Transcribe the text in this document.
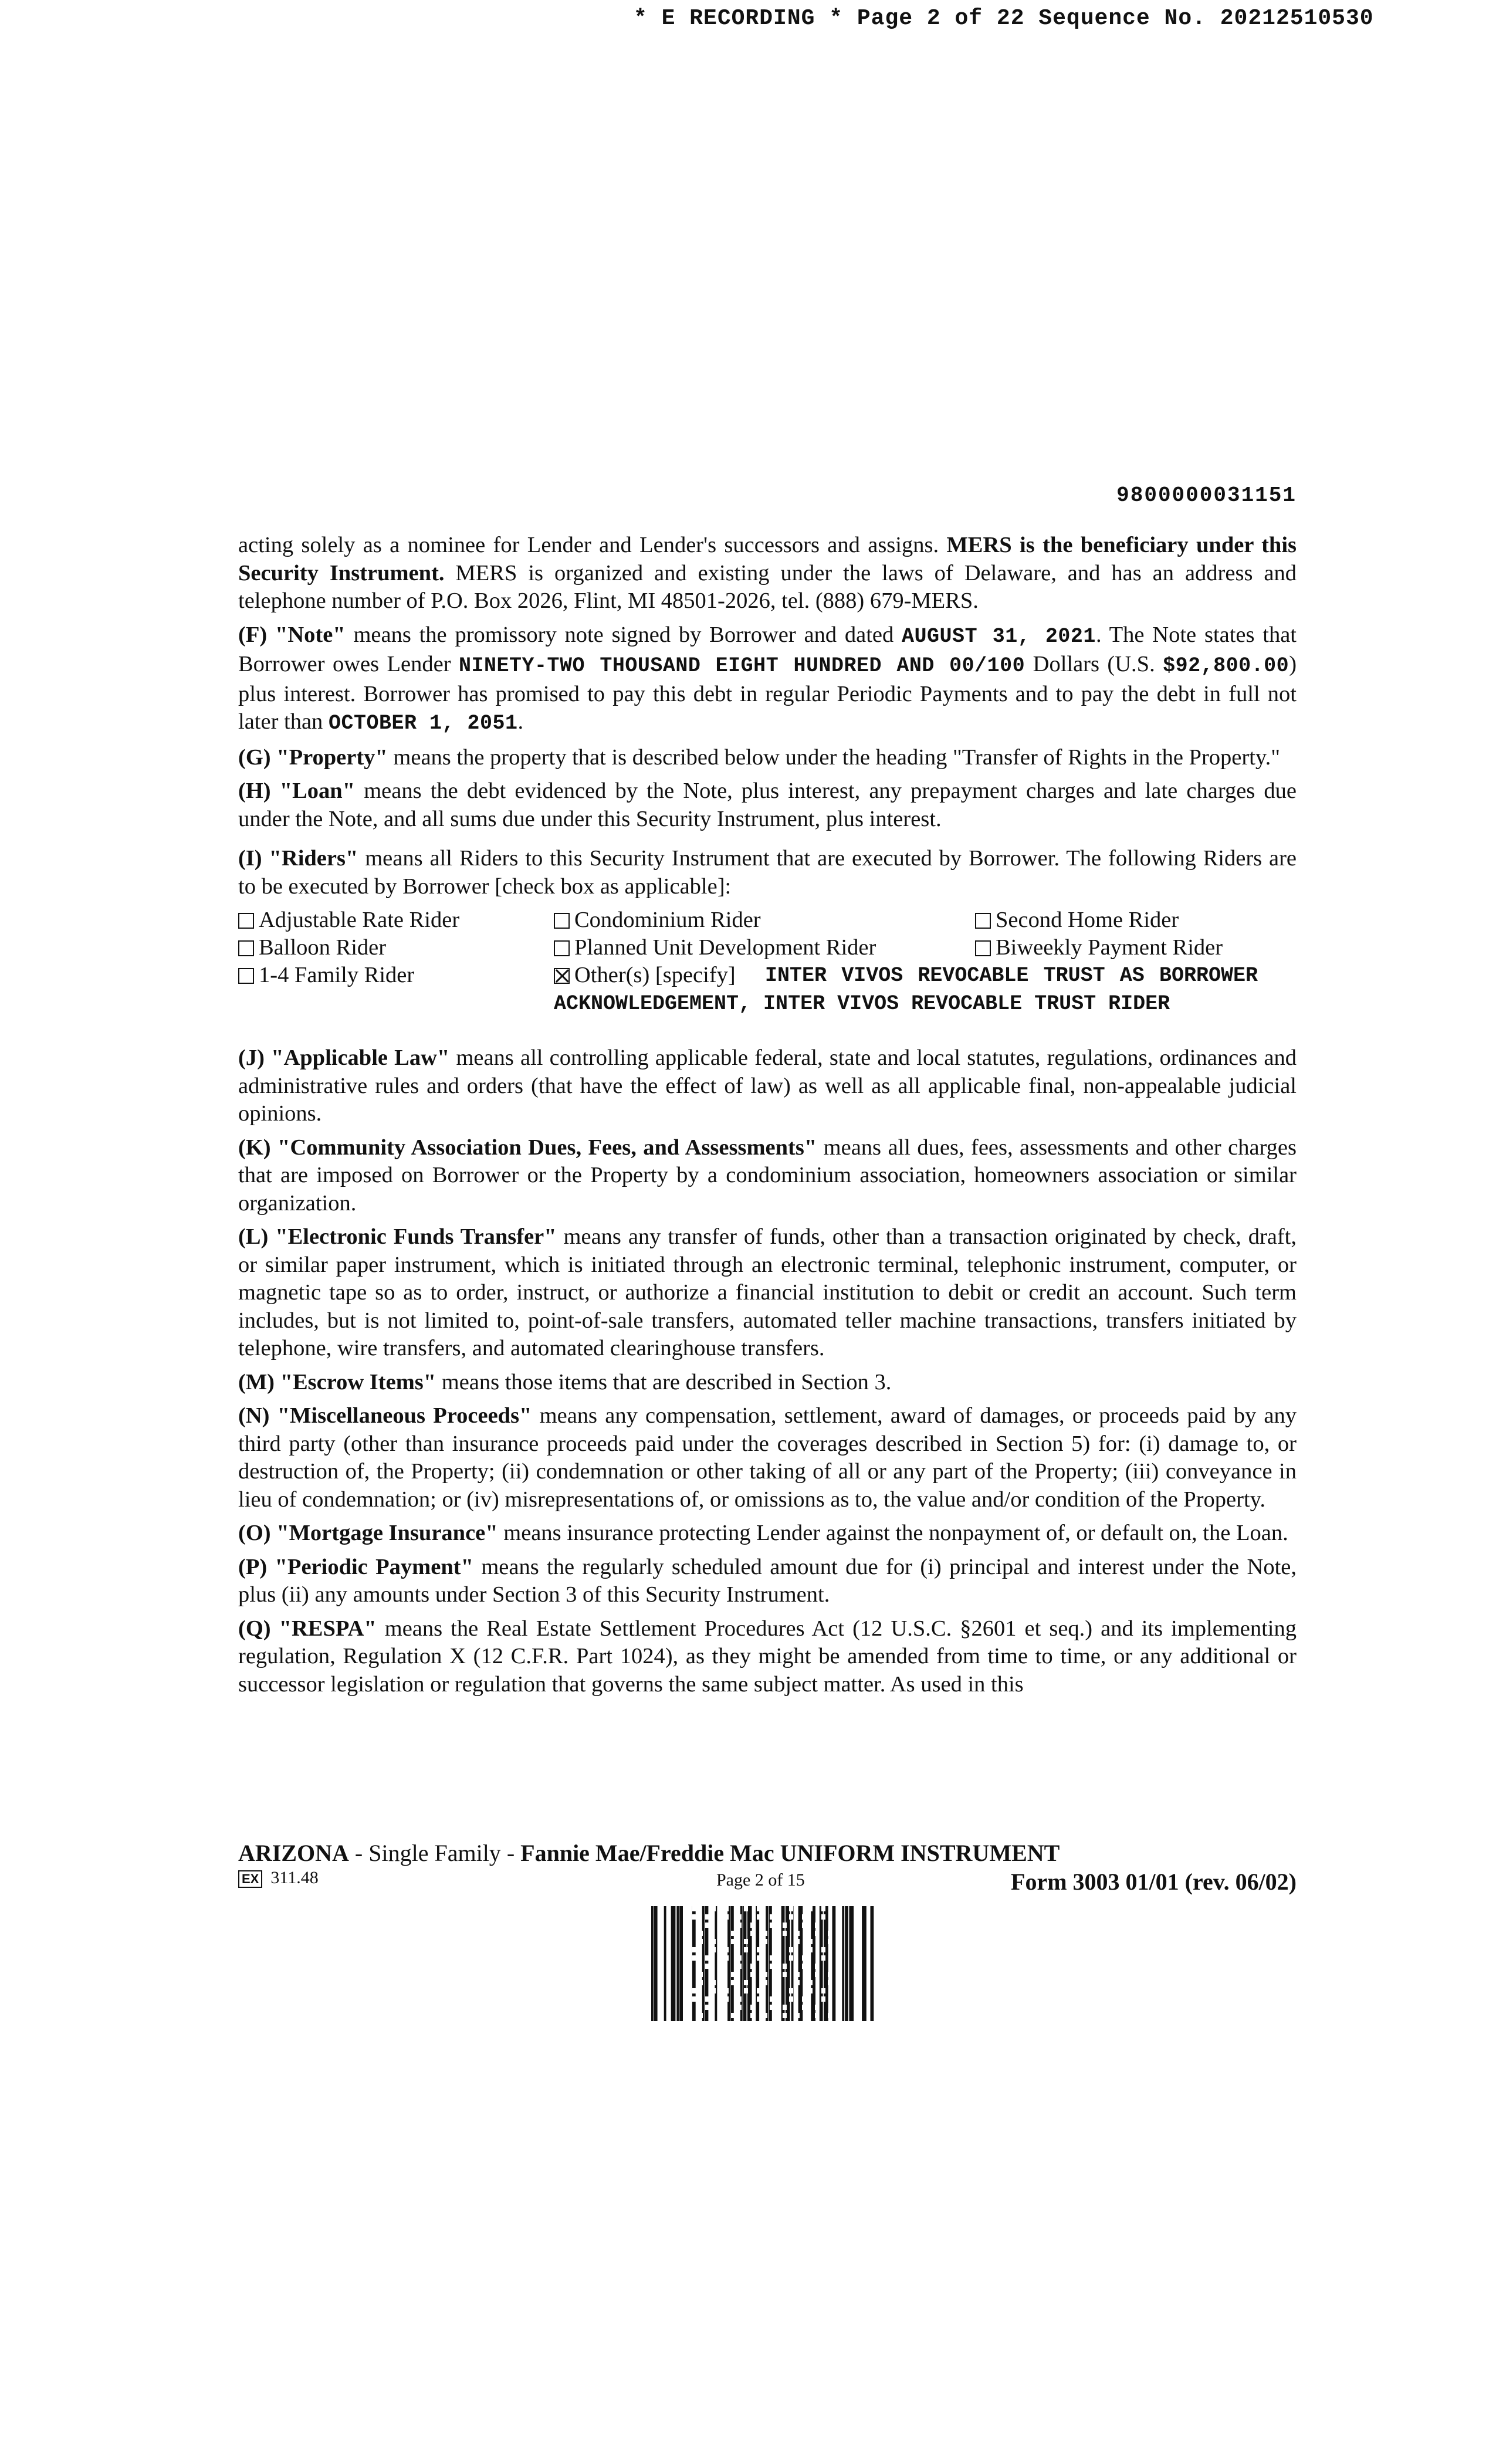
* E RECORDING * Page 2 of 22 Sequence No. 20212510530
9800000031151

acting solely as a nominee for Lender and Lender's successors and assigns. MERS is the beneficiary under this Security Instrument. MERS is organized and existing under the laws of Delaware, and has an address and telephone number of P.O. Box 2026, Flint, MI 48501-2026, tel. (888) 679-MERS.

(F) "Note" means the promissory note signed by Borrower and dated AUGUST 31, 2021. The Note states that Borrower owes Lender NINETY-TWO THOUSAND EIGHT HUNDRED AND 00/100 Dollars (U.S. $92,800.00) plus interest. Borrower has promised to pay this debt in regular Periodic Payments and to pay the debt in full not later than OCTOBER 1, 2051.

(G) "Property" means the property that is described below under the heading "Transfer of Rights in the Property."

(H) "Loan" means the debt evidenced by the Note, plus interest, any prepayment charges and late charges due under the Note, and all sums due under this Security Instrument, plus interest.

(I) "Riders" means all Riders to this Security Instrument that are executed by Borrower. The following Riders are to be executed by Borrower [check box as applicable]:

Adjustable Rate Rider	Condominium Rider	Second Home Rider
Balloon Rider	Planned Unit Development Rider	Biweekly Payment Rider
1-4 Family Rider	Other(s) [specify]	INTER VIVOS REVOCABLE TRUST AS BORROWER ACKNOWLEDGEMENT, INTER VIVOS REVOCABLE TRUST RIDER

(J) "Applicable Law" means all controlling applicable federal, state and local statutes, regulations, ordinances and administrative rules and orders (that have the effect of law) as well as all applicable final, non-appealable judicial opinions.

(K) "Community Association Dues, Fees, and Assessments" means all dues, fees, assessments and other charges that are imposed on Borrower or the Property by a condominium association, homeowners association or similar organization.

(L) "Electronic Funds Transfer" means any transfer of funds, other than a transaction originated by check, draft, or similar paper instrument, which is initiated through an electronic terminal, telephonic instrument, computer, or magnetic tape so as to order, instruct, or authorize a financial institution to debit or credit an account. Such term includes, but is not limited to, point-of-sale transfers, automated teller machine transactions, transfers initiated by telephone, wire transfers, and automated clearinghouse transfers.

(M) "Escrow Items" means those items that are described in Section 3.

(N) "Miscellaneous Proceeds" means any compensation, settlement, award of damages, or proceeds paid by any third party (other than insurance proceeds paid under the coverages described in Section 5) for: (i) damage to, or destruction of, the Property; (ii) condemnation or other taking of all or any part of the Property; (iii) conveyance in lieu of condemnation; or (iv) misrepresentations of, or omissions as to, the value and/or condition of the Property.

(O) "Mortgage Insurance" means insurance protecting Lender against the nonpayment of, or default on, the Loan.

(P) "Periodic Payment" means the regularly scheduled amount due for (i) principal and interest under the Note, plus (ii) any amounts under Section 3 of this Security Instrument.

(Q) "RESPA" means the Real Estate Settlement Procedures Act (12 U.S.C. §2601 et seq.) and its implementing regulation, Regulation X (12 C.F.R. Part 1024), as they might be amended from time to time, or any additional or successor legislation or regulation that governs the same subject matter. As used in this

ARIZONA - Single Family - Fannie Mae/Freddie Mac UNIFORM INSTRUMENT
EX 311.48	Page 2 of 15	Form 3003 01/01 (rev. 06/02)
